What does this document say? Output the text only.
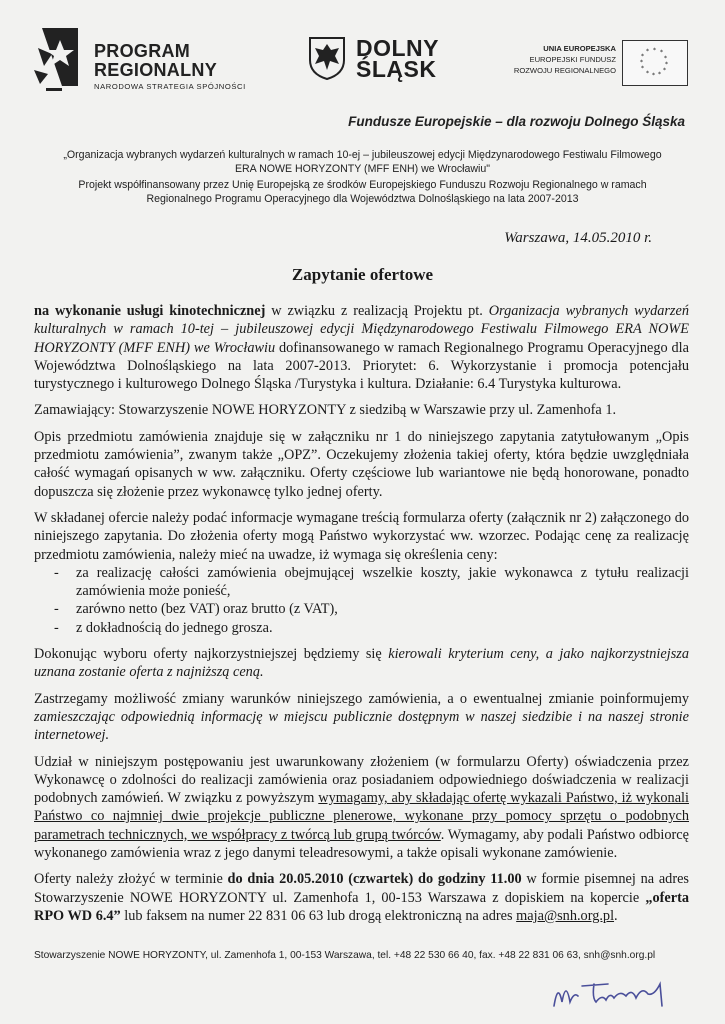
PROGRAM
REGIONALNY
NARODOWA STRATEGIA SPÓJNOŚCI
DOLNY
ŚLĄSK
UNIA EUROPEJSKA
EUROPEJSKI FUNDUSZ
ROZWOJU REGIONALNEGO
* *
*
*
*
*
*
*
*
*
*
*
Fundusze Europejskie – dla rozwoju Dolnego Śląska
„Organizacja wybranych wydarzeń kulturalnych w ramach 10-ej – jubileuszowej edycji Międzynarodowego Festiwalu Filmowego
ERA NOWE HORYZONTY (MFF ENH) we Wrocławiu"
Projekt współfinansowany przez Unię Europejską ze środków Europejskiego Funduszu Rozwoju Regionalnego w ramach
Regionalnego Programu Operacyjnego dla Województwa Dolnośląskiego na lata 2007-2013
Warszawa, 14.05.2010 r.
Zapytanie ofertowe

na wykonanie usługi kinotechnicznej w związku z realizacją Projektu pt. Organizacja wybranych wydarzeń kulturalnych w ramach 10-tej – jubileuszowej edycji Międzynarodowego Festiwalu Filmowego ERA NOWE HORYZONTY (MFF ENH) we Wrocławiu dofinansowanego w ramach Regionalnego Programu Operacyjnego dla Województwa Dolnośląskiego na lata 2007-2013. Priorytet: 6. Wykorzystanie i promocja potencjału turystycznego i kulturowego Dolnego Śląska /Turystyka i kultura. Działanie: 6.4 Turystyka kulturowa.

Zamawiający: Stowarzyszenie NOWE HORYZONTY z siedzibą w Warszawie przy ul. Zamenhofa 1.

Opis przedmiotu zamówienia znajduje się w załączniku nr 1 do niniejszego zapytania zatytułowanym „Opis przedmiotu zamówienia”, zwanym także „OPZ”. Oczekujemy złożenia takiej oferty, która będzie uwzględniała całość wymagań opisanych w ww. załączniku. Oferty częściowe lub wariantowe nie będą honorowane, ponadto dopuszcza się złożenie przez wykonawcę tylko jednej oferty.

W składanej ofercie należy podać informacje wymagane treścią formularza oferty (załącznik nr 2) załączonego do niniejszego zapytania. Do złożenia oferty mogą Państwo wykorzystać ww. wzorzec. Podając cenę za realizację przedmiotu zamówienia, należy mieć na uwadze, iż wymaga się określenia ceny:

- za realizację całości zamówienia obejmującej wszelkie koszty, jakie wykonawca z tytułu realizacji zamówienia może ponieść,
- zarówno netto (bez VAT) oraz brutto (z VAT),
- z dokładnością do jednego grosza.

Dokonując wyboru oferty najkorzystniejszej będziemy się kierowali kryterium ceny, a jako najkorzystniejsza uznana zostanie oferta z najniższą ceną.

Zastrzegamy możliwość zmiany warunków niniejszego zamówienia, a o ewentualnej zmianie poinformujemy zamieszczając odpowiednią informację w miejscu publicznie dostępnym w naszej siedzibie i na naszej stronie internetowej.

Udział w niniejszym postępowaniu jest uwarunkowany złożeniem (w formularzu Oferty) oświadczenia przez Wykonawcę o zdolności do realizacji zamówienia oraz posiadaniem odpowiedniego doświadczenia w realizacji podobnych zamówień. W związku z powyższym wymagamy, aby składając ofertę wykazali Państwo, iż wykonali Państwo co najmniej dwie projekcje publiczne plenerowe, wykonane przy pomocy sprzętu o podobnych parametrach technicznych, we współpracy z twórcą lub grupą twórców. Wymagamy, aby podali Państwo odbiorcę wykonanego zamówienia wraz z jego danymi teleadresowymi, a także opisali wykonane zamówienie.

Oferty należy złożyć w terminie do dnia 20.05.2010 (czwartek) do godziny 11.00 w formie pisemnej na adres Stowarzyszenie NOWE HORYZONTY ul. Zamenhofa 1, 00-153 Warszawa z dopiskiem na kopercie „oferta RPO WD 6.4” lub faksem na numer 22 831 06 63 lub drogą elektroniczną na adres maja@snh.org.pl.

Stowarzyszenie NOWE HORYZONTY, ul. Zamenhofa 1, 00-153 Warszawa, tel. +48 22 530 66 40, fax. +48 22 831 06 63, snh@snh.org.pl
